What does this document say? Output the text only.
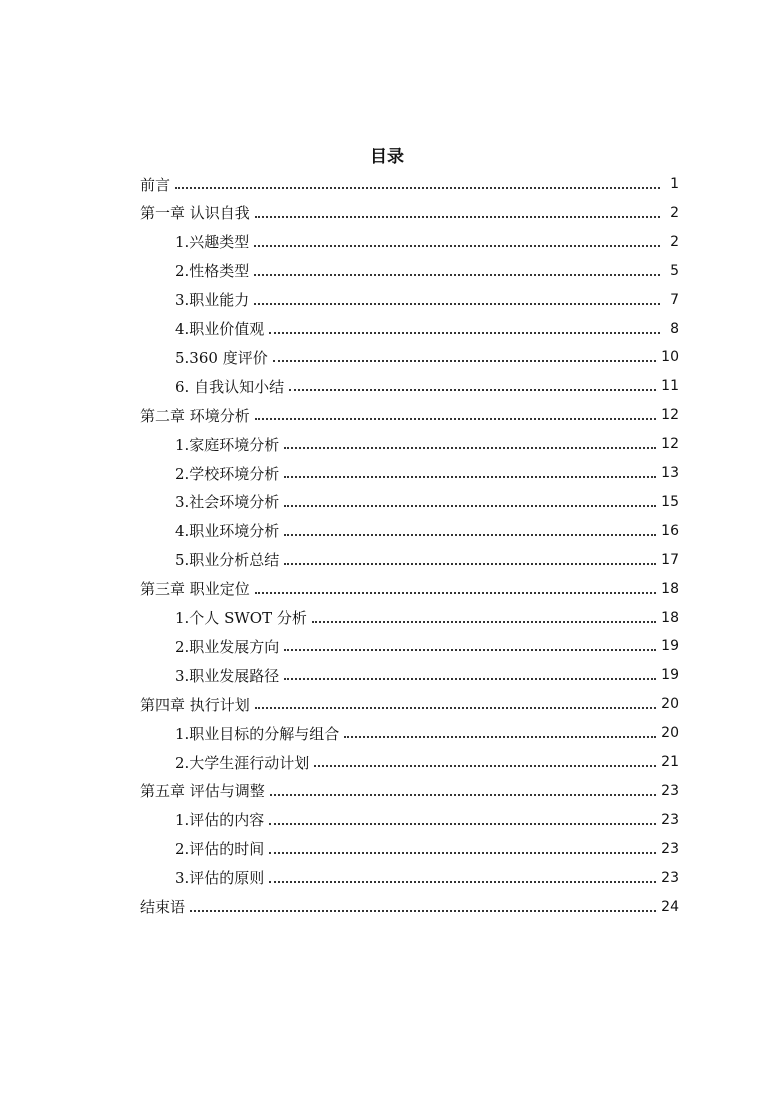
目录
前言	1
第一章 认识自我	2
1.兴趣类型	2
2.性格类型	5
3.职业能力	7
4.职业价值观	8
5.360 度评价	10
6. 自我认知小结	11
第二章 环境分析	12
1.家庭环境分析	12
2.学校环境分析	13
3.社会环境分析	15
4.职业环境分析	16
5.职业分析总结	17
第三章 职业定位	18
1.个人 SWOT 分析	18
2.职业发展方向	19
3.职业发展路径	19
第四章 执行计划	20
1.职业目标的分解与组合	20
2.大学生涯行动计划	21
第五章 评估与调整	23
1.评估的内容	23
2.评估的时间	23
3.评估的原则	23
结束语	24
